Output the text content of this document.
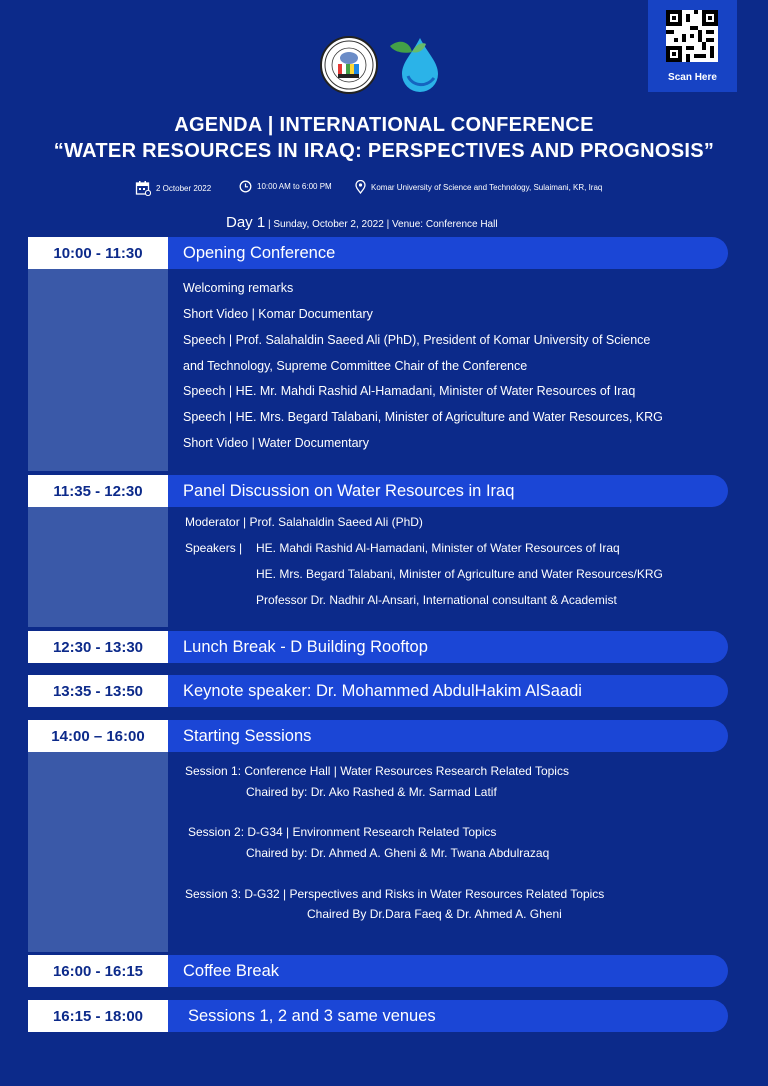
Scan Here
AGENDA | INTERNATIONAL CONFERENCE
“WATER RESOURCES IN IRAQ: PERSPECTIVES AND PROGNOSIS”
2 October 2022	10:00 AM to 6:00 PM	Komar University of Science and Technology, Sulaimani, KR, Iraq
Day 1 | Sunday, October 2, 2022 | Venue: Conference Hall
10:00 - 11:30	Opening Conference
Welcoming remarks
Short Video | Komar Documentary
Speech | Prof. Salahaldin Saeed Ali (PhD), President of Komar University of Science
and Technology, Supreme Committee Chair of the Conference
Speech | HE. Mr. Mahdi Rashid Al-Hamadani, Minister of Water Resources of Iraq
Speech | HE. Mrs. Begard Talabani, Minister of Agriculture and Water Resources, KRG
Short Video | Water Documentary
11:35 - 12:30	Panel Discussion on Water Resources in Iraq
Moderator | Prof. Salahaldin Saeed Ali (PhD)
Speakers | HE. Mahdi Rashid Al-Hamadani, Minister of Water Resources of Iraq
HE. Mrs. Begard Talabani, Minister of Agriculture and Water Resources/KRG
Professor Dr. Nadhir Al-Ansari, International consultant & Academist
12:30 - 13:30	Lunch Break - D Building Rooftop
13:35 - 13:50	Keynote speaker: Dr. Mohammed AbdulHakim AlSaadi
14:00 – 16:00	Starting Sessions
Session 1: Conference Hall | Water Resources Research Related Topics
Chaired by: Dr. Ako Rashed & Mr. Sarmad Latif
Session 2: D-G34 | Environment Research Related Topics
Chaired by: Dr. Ahmed A. Gheni & Mr. Twana Abdulrazaq
Session 3: D-G32 | Perspectives and Risks in Water Resources Related Topics
Chaired By Dr.Dara Faeq & Dr. Ahmed A. Gheni
16:00 - 16:15	Coffee Break
16:15 - 18:00	Sessions 1, 2 and 3 same venues
